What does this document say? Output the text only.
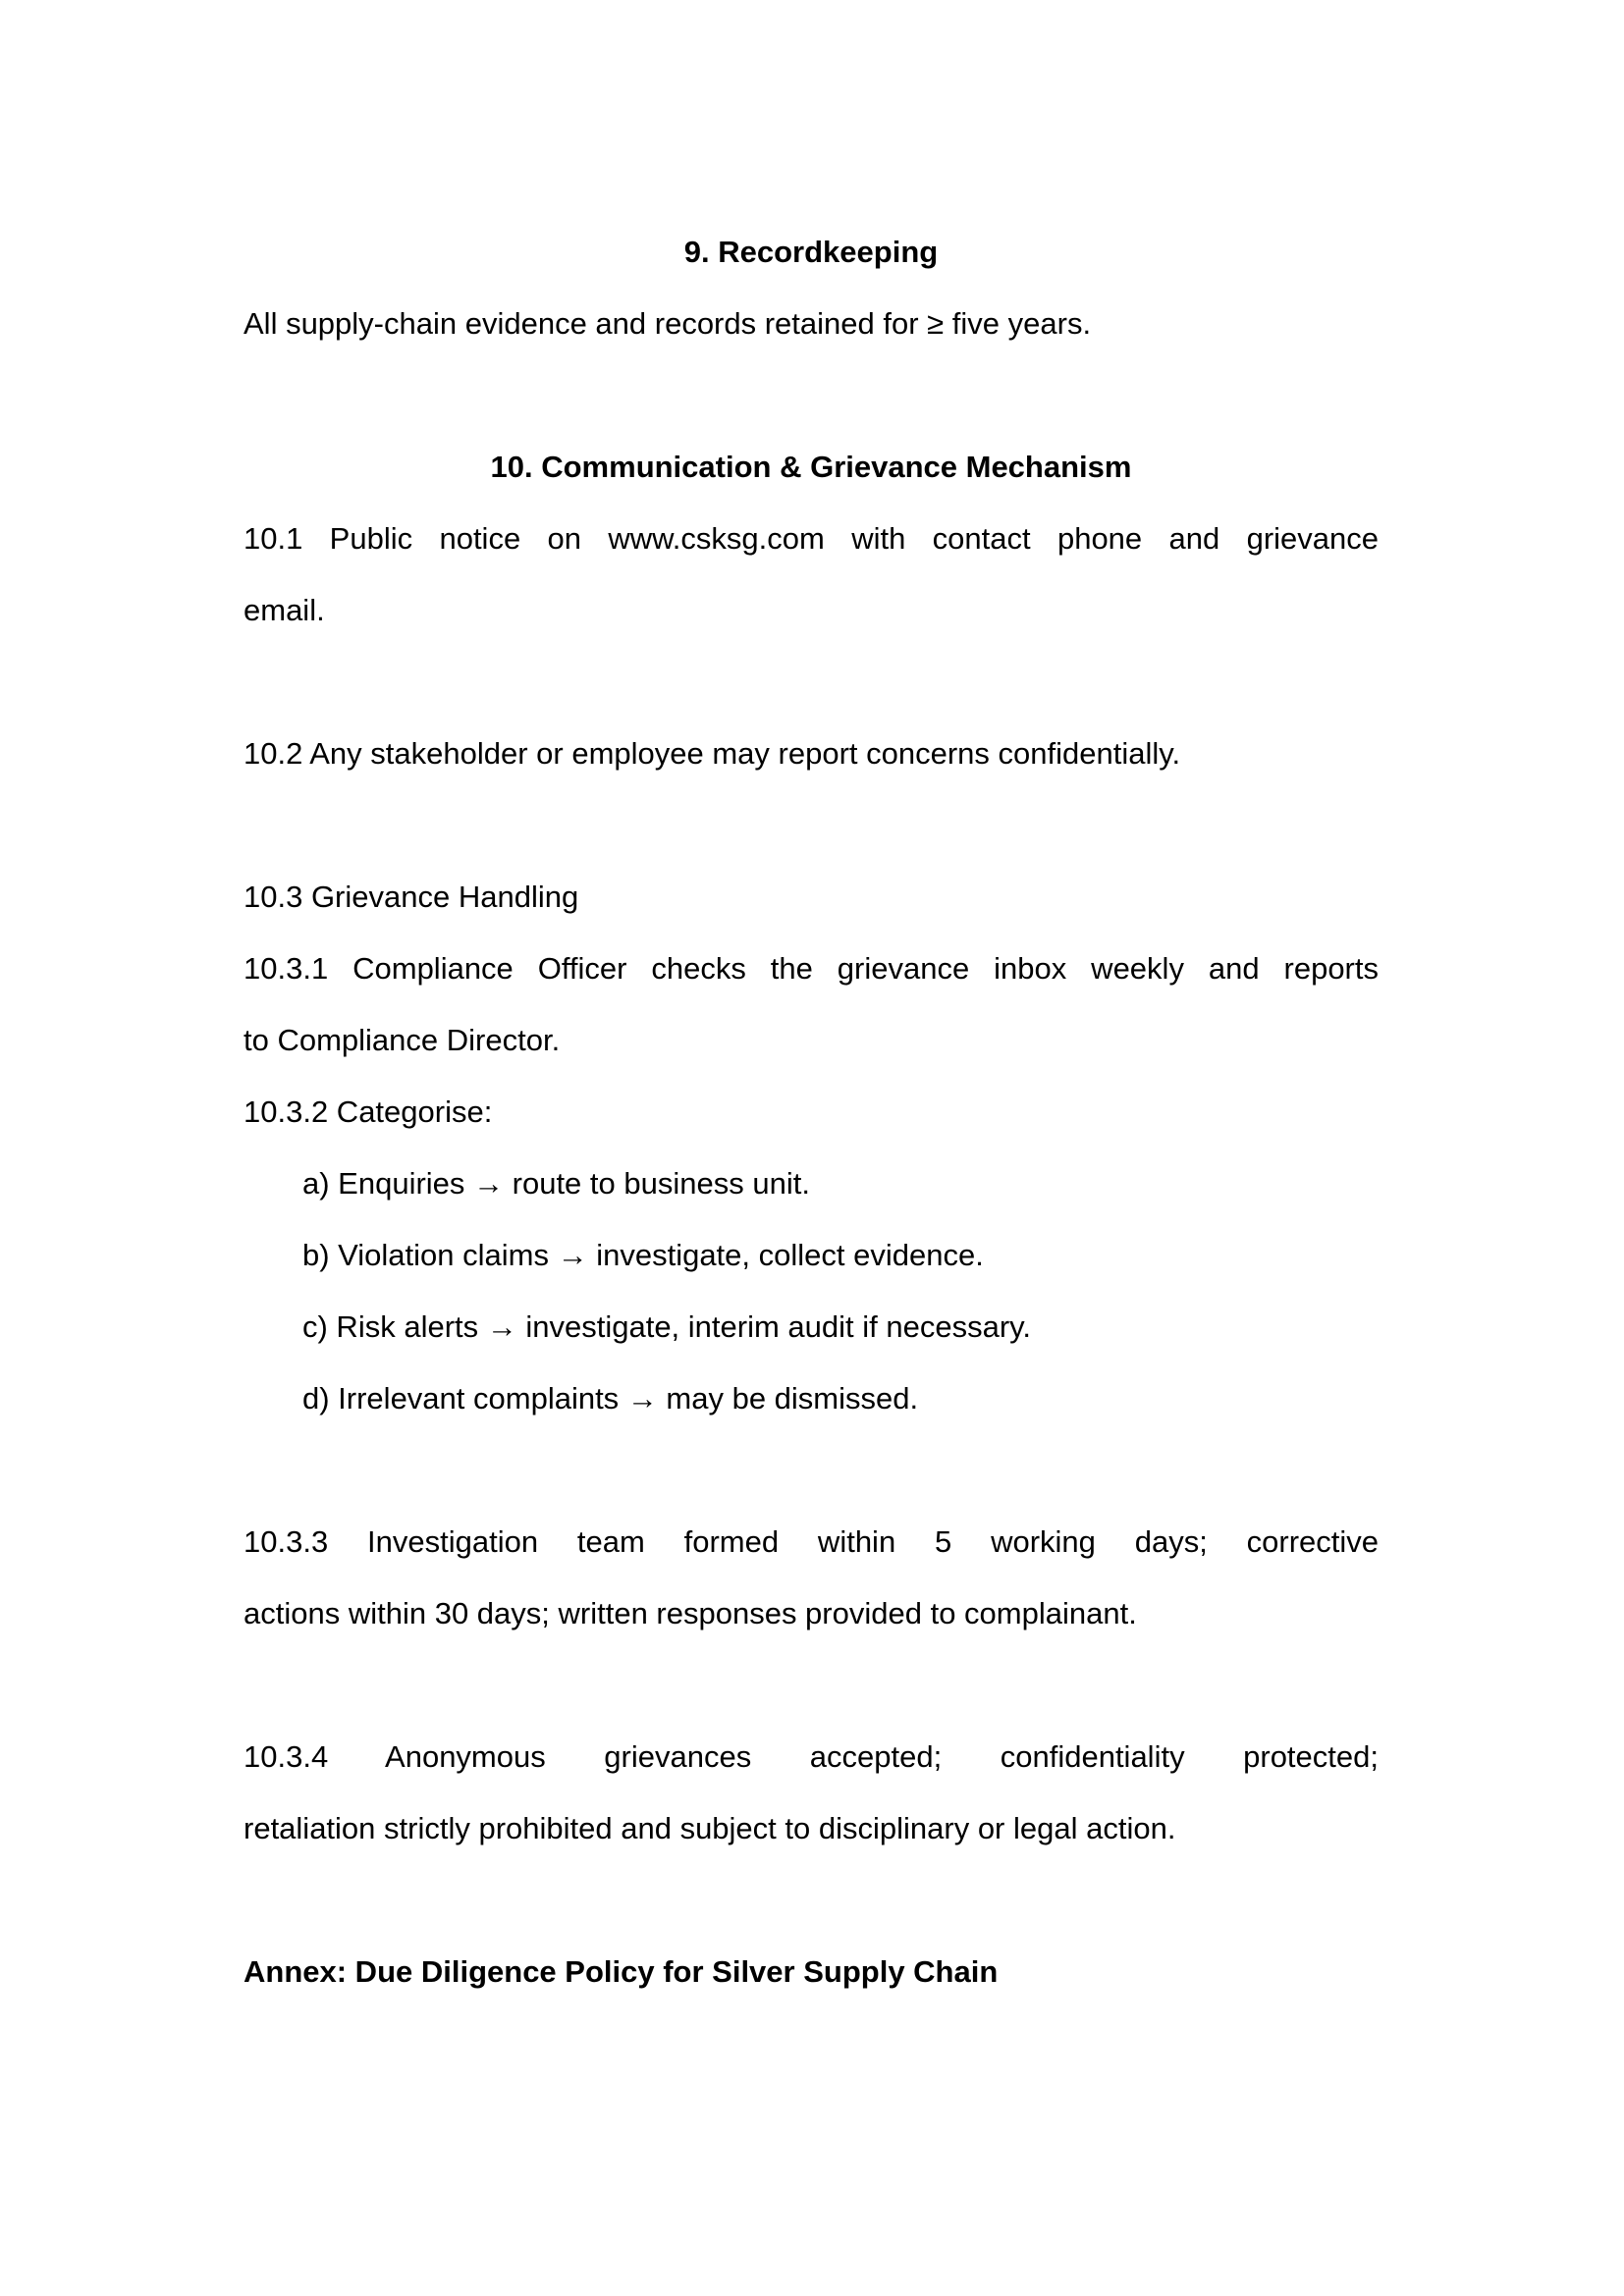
9. Recordkeeping
All supply-chain evidence and records retained for ≥ five years.
10. Communication & Grievance Mechanism
10.1 Public notice on www.csksg.com with contact phone and grievance
email.
10.2 Any stakeholder or employee may report concerns confidentially.
10.3 Grievance Handling
10.3.1 Compliance Officer checks the grievance inbox weekly and reports
to Compliance Director.
10.3.2 Categorise:
a) Enquiries → route to business unit.
b) Violation claims → investigate, collect evidence.
c) Risk alerts → investigate, interim audit if necessary.
d) Irrelevant complaints → may be dismissed.
10.3.3 Investigation team formed within 5 working days; corrective
actions within 30 days; written responses provided to complainant.
10.3.4 Anonymous grievances accepted; confidentiality protected;
retaliation strictly prohibited and subject to disciplinary or legal action.
Annex: Due Diligence Policy for Silver Supply Chain
